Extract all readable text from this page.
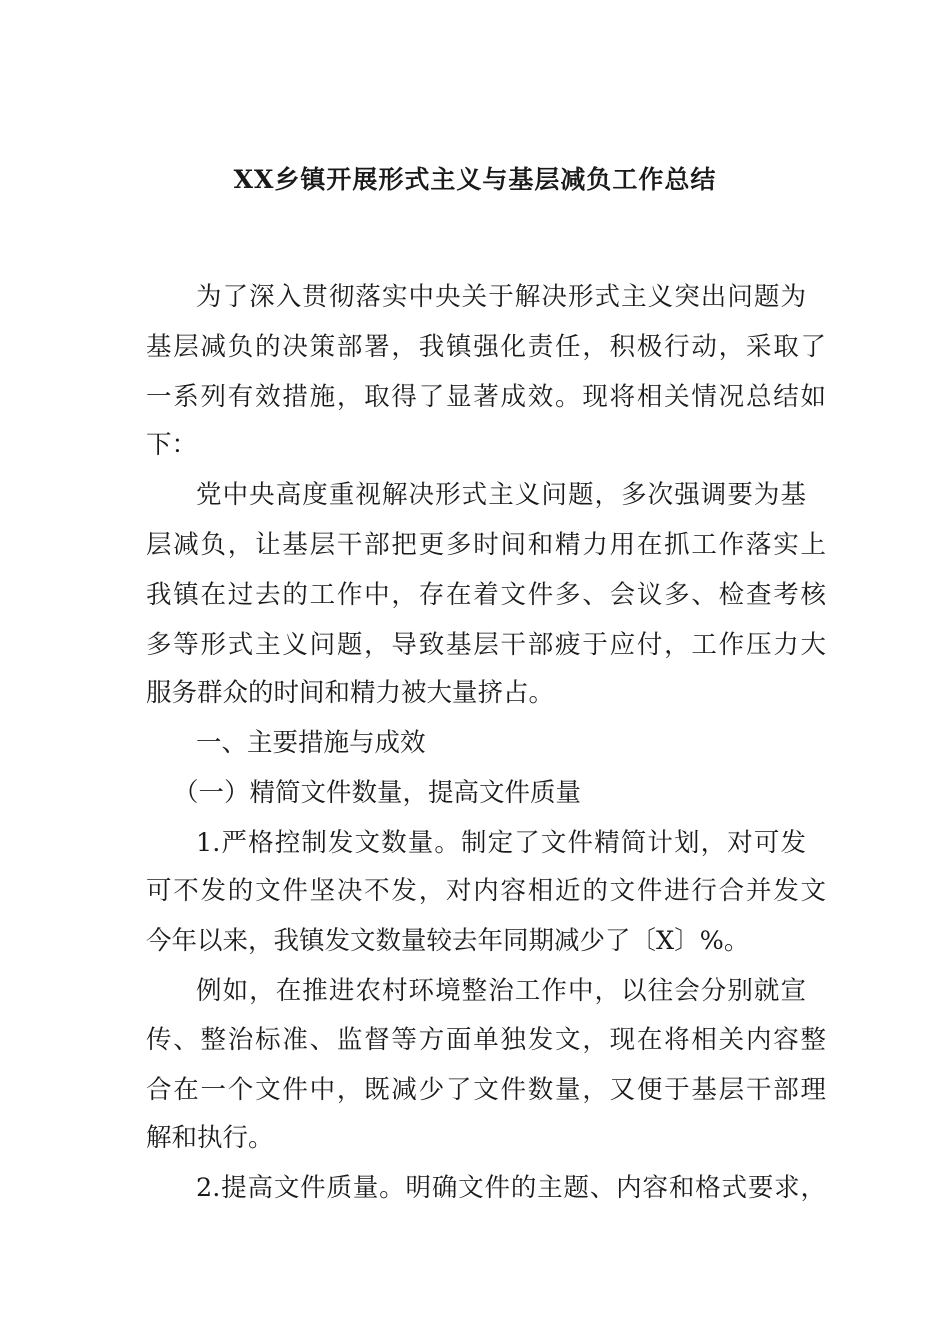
XX乡镇开展形式主义与基层减负工作总结
为了深入贯彻落实中央关于解决形式主义突出问题为
基层减负的决策部署，我镇强化责任，积极行动，采取了
一系列有效措施，取得了显著成效。现将相关情况总结如
下：
党中央高度重视解决形式主义问题，多次强调要为基
层减负，让基层干部把更多时间和精力用在抓工作落实上
我镇在过去的工作中，存在着文件多、会议多、检查考核
多等形式主义问题，导致基层干部疲于应付，工作压力大
服务群众的时间和精力被大量挤占。
一、主要措施与成效
（一）精简文件数量，提高文件质量
1.严格控制发文数量。制定了文件精简计划，对可发
可不发的文件坚决不发，对内容相近的文件进行合并发文
今年以来，我镇发文数量较去年同期减少了〔X〕%。
例如，在推进农村环境整治工作中，以往会分别就宣
传、整治标准、监督等方面单独发文，现在将相关内容整
合在一个文件中，既减少了文件数量，又便于基层干部理
解和执行。
2.提高文件质量。明确文件的主题、内容和格式要求，
